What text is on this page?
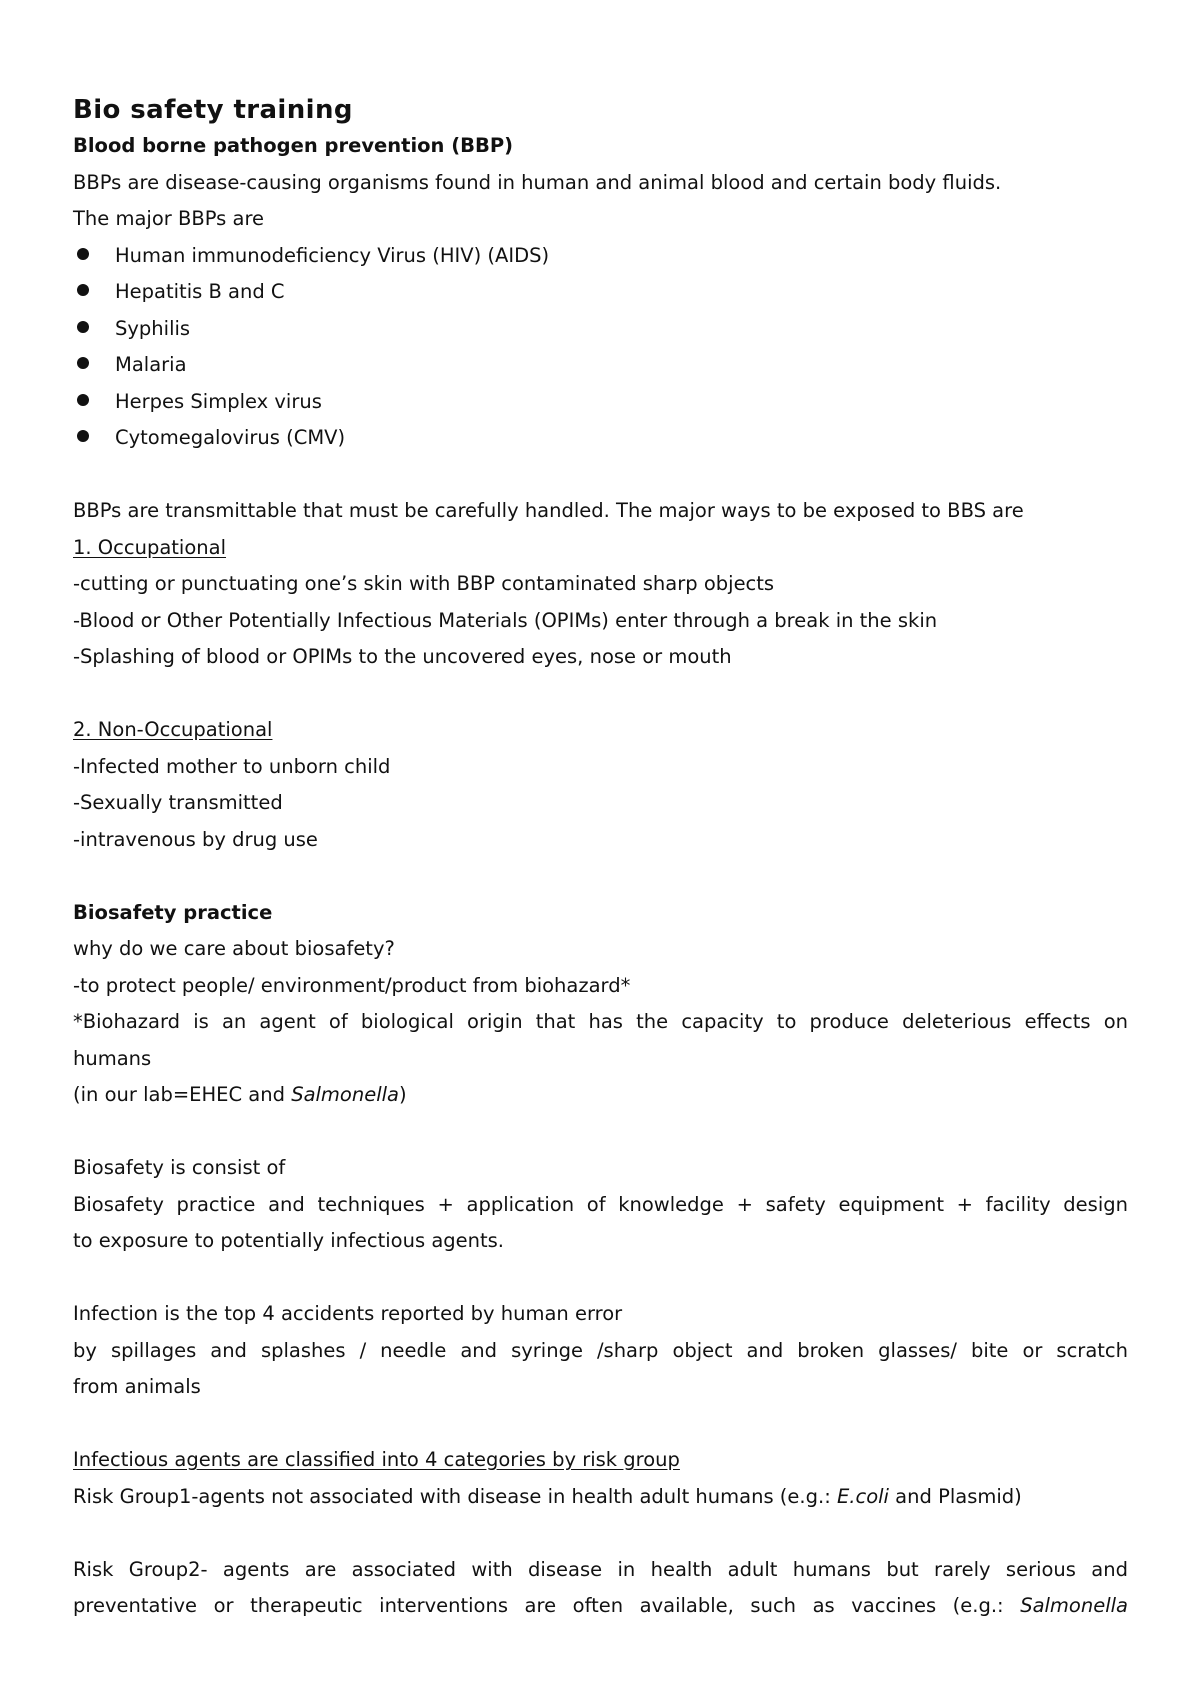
Bio safety training
Blood borne pathogen prevention (BBP)
BBPs are disease-causing organisms found in human and animal blood and certain body fluids.
The major BBPs are
Human immunodeficiency Virus (HIV) (AIDS)
Hepatitis B and C
Syphilis
Malaria
Herpes Simplex virus
Cytomegalovirus (CMV)
BBPs are transmittable that must be carefully handled. The major ways to be exposed to BBS are
1. Occupational
-cutting or punctuating one’s skin with BBP contaminated sharp objects
-Blood or Other Potentially Infectious Materials (OPIMs) enter through a break in the skin
-Splashing of blood or OPIMs to the uncovered eyes, nose or mouth
2. Non-Occupational
-Infected mother to unborn child
-Sexually transmitted
-intravenous by drug use
Biosafety practice
why do we care about biosafety?
-to protect people/ environment/product from biohazard*
*Biohazard is an agent of biological origin that has the capacity to produce deleterious effects on
humans
(in our lab=EHEC and Salmonella)
Biosafety is consist of
Biosafety practice and techniques + application of knowledge + safety equipment + facility design
to exposure to potentially infectious agents.
Infection is the top 4 accidents reported by human error
by spillages and splashes / needle and syringe /sharp object and broken glasses/ bite or scratch
from animals
Infectious agents are classified into 4 categories by risk group
Risk Group1-agents not associated with disease in health adult humans (e.g.: E.coli and Plasmid)
Risk Group2- agents are associated with disease in health adult humans but rarely serious and
preventative or therapeutic interventions are often available, such as vaccines (e.g.: Salmonella
